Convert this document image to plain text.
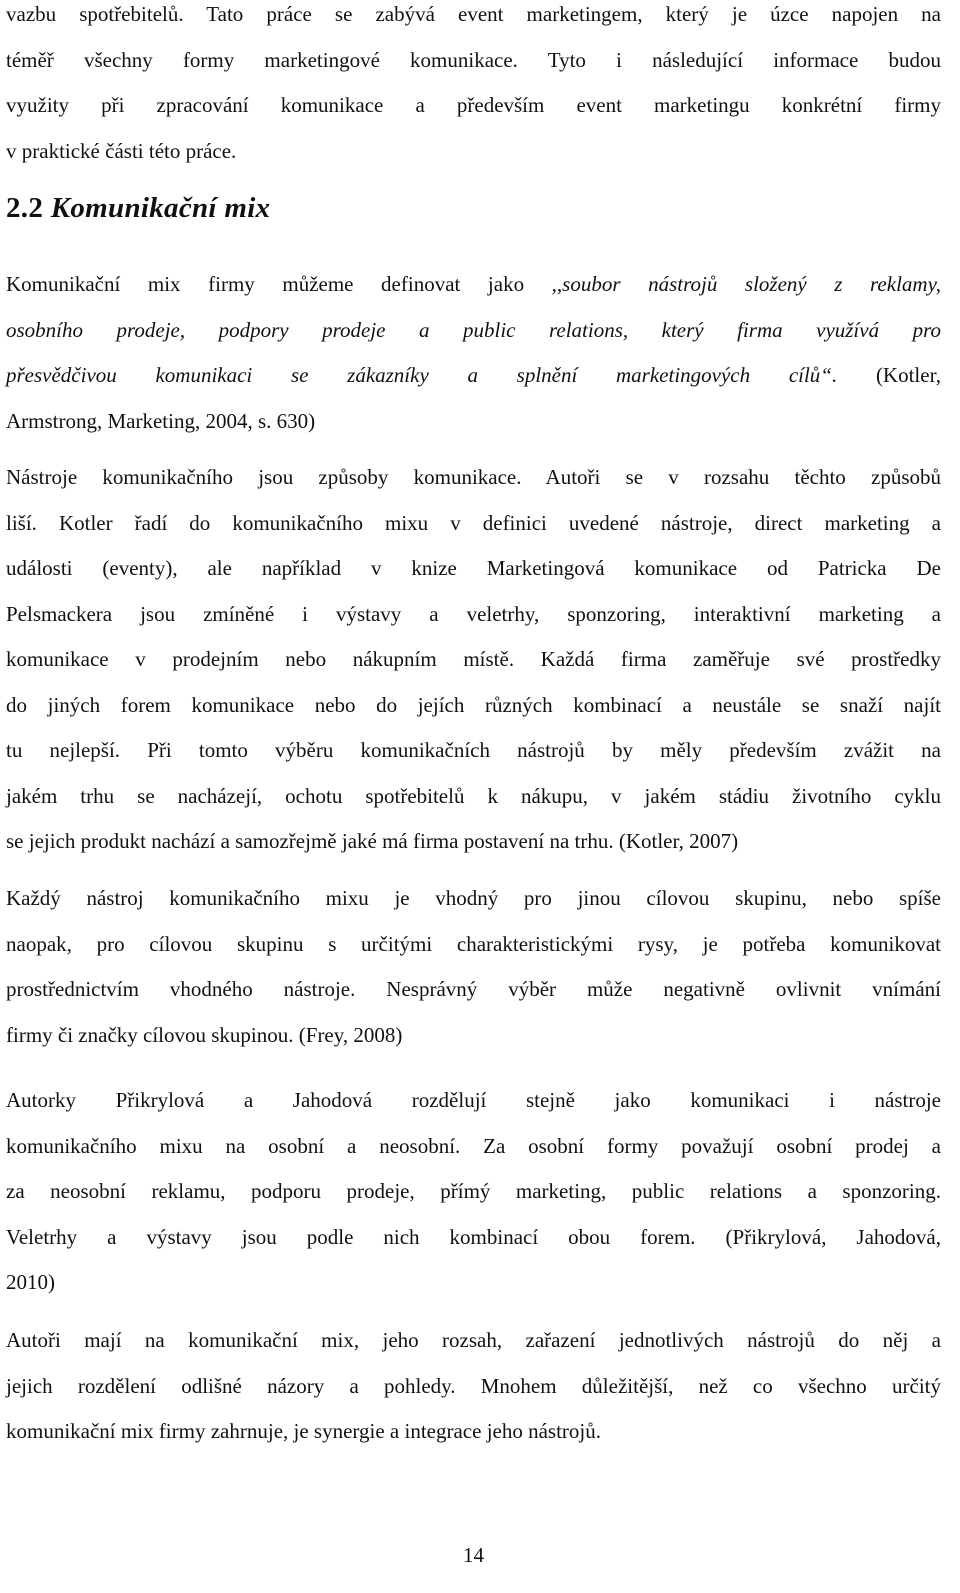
vazbu spotřebitelů. Tato práce se zabývá event marketingem, který je úzce napojen na
téměř všechny formy marketingové komunikace. Tyto i následující informace budou
využity při zpracování komunikace a především event marketingu konkrétní firmy
v praktické části této práce.
2.2 Komunikační mix
Komunikační mix firmy můžeme definovat jako ,,soubor nástrojů složený z reklamy,
osobního prodeje, podpory prodeje a public relations, který firma využívá pro
přesvědčivou komunikaci se zákazníky a splnění marketingových cílů“. (Kotler,
Armstrong, Marketing, 2004, s. 630)
Nástroje komunikačního jsou způsoby komunikace. Autoři se v rozsahu těchto způsobů
liší. Kotler řadí do komunikačního mixu v definici uvedené nástroje, direct marketing a
události (eventy), ale například v knize Marketingová komunikace od Patricka De
Pelsmackera jsou zmíněné i výstavy a veletrhy, sponzoring, interaktivní marketing a
komunikace v prodejním nebo nákupním místě. Každá firma zaměřuje své prostředky
do jiných forem komunikace nebo do jejích různých kombinací a neustále se snaží najít
tu nejlepší. Při tomto výběru komunikačních nástrojů by měly především zvážit na
jakém trhu se nacházejí, ochotu spotřebitelů k nákupu, v jakém stádiu životního cyklu
se jejich produkt nachází a samozřejmě jaké má firma postavení na trhu. (Kotler, 2007)
Každý nástroj komunikačního mixu je vhodný pro jinou cílovou skupinu, nebo spíše
naopak, pro cílovou skupinu s určitými charakteristickými rysy, je potřeba komunikovat
prostřednictvím vhodného nástroje. Nesprávný výběr může negativně ovlivnit vnímání
firmy či značky cílovou skupinou. (Frey, 2008)
Autorky Přikrylová a Jahodová rozdělují stejně jako komunikaci i nástroje
komunikačního mixu na osobní a neosobní. Za osobní formy považují osobní prodej a
za neosobní reklamu, podporu prodeje, přímý marketing, public relations a sponzoring.
Veletrhy a výstavy jsou podle nich kombinací obou forem. (Přikrylová, Jahodová,
2010)
Autoři mají na komunikační mix, jeho rozsah, zařazení jednotlivých nástrojů do něj a
jejich rozdělení odlišné názory a pohledy. Mnohem důležitější, než co všechno určitý
komunikační mix firmy zahrnuje, je synergie a integrace jeho nástrojů.
14
